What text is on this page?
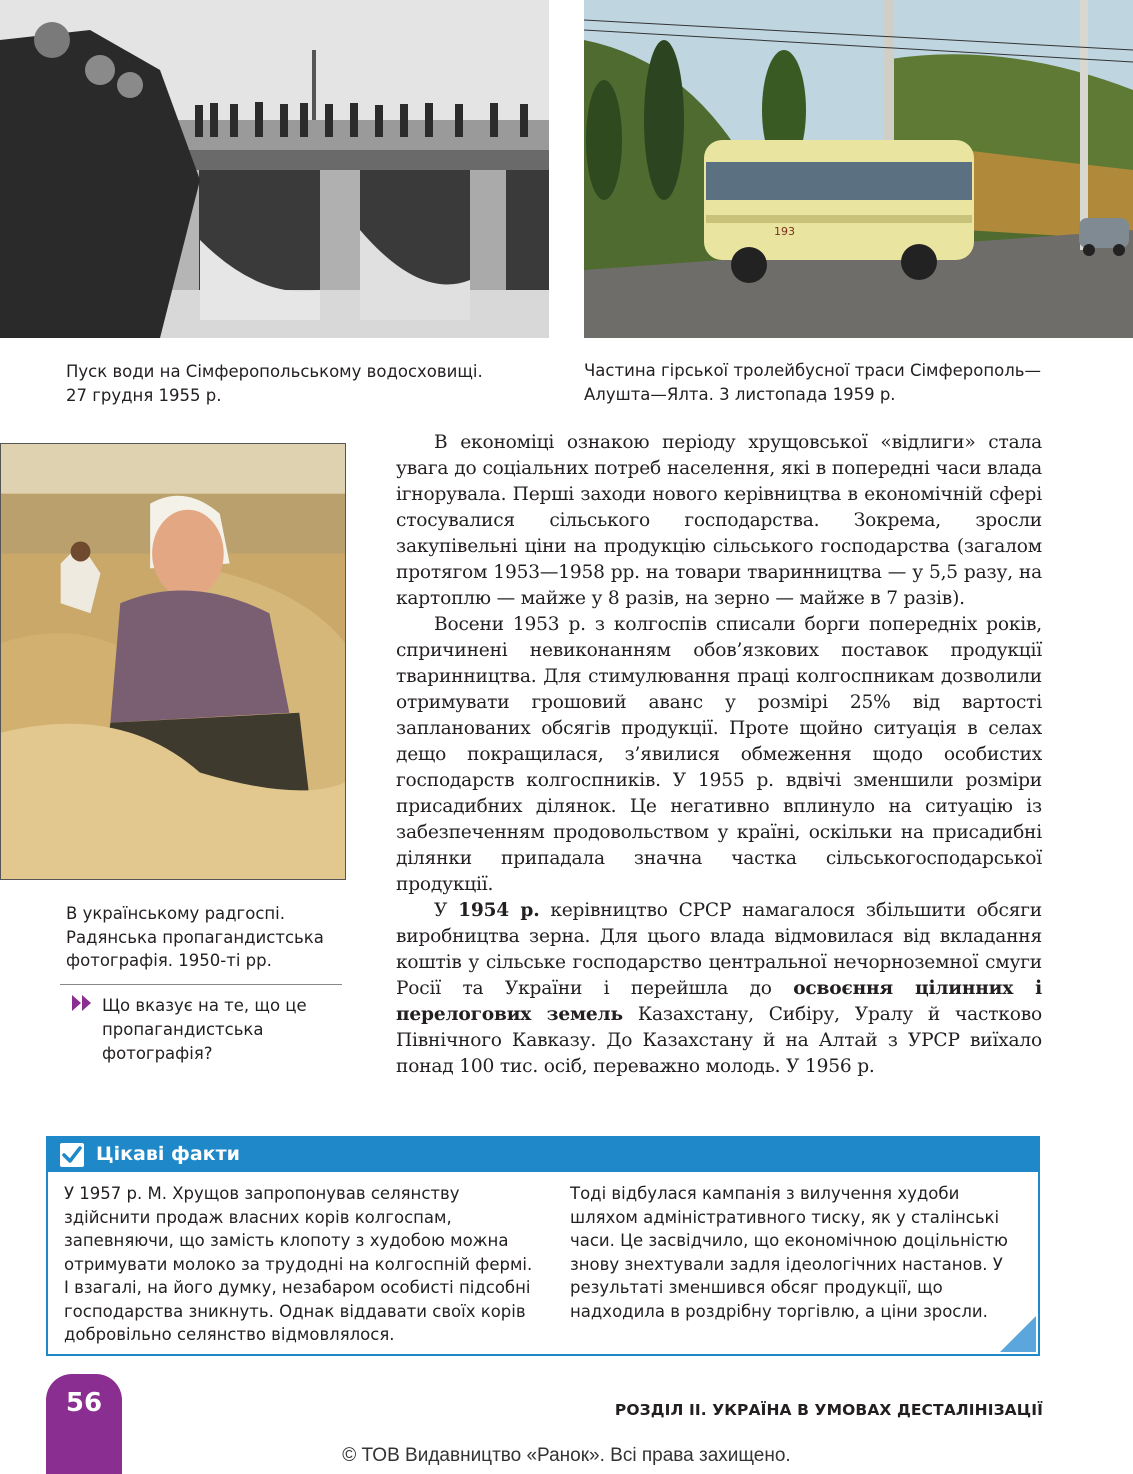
193
Пуск води на Сімферопольському водосховищі. 27 грудня 1955 р.
Частина гірської тролейбусної траси Сімферополь—Алушта—Ялта. 3 листопада 1959 р.
В українському радгоспі. Радянська пропагандистська фотографія. 1950-ті рр.
Що вказує на те, що це пропагандистська фотографія?

В економіці ознакою періоду хрущовської «відлиги» стала увага до соціальних потреб населення, які в попередні часи влада ігнорувала. Перші заходи нового керівництва в економічній сфері стосувалися сільського господарства. Зокрема, зросли закупівельні ціни на продукцію сільського господарства (загалом протягом 1953—1958 рр. на товари тваринництва — у 5,5 разу, на картоплю — майже у 8 разів, на зерно — майже в 7 разів).

Восени 1953 р. з колгоспів списали борги попередніх років, спричинені невиконанням обов’язкових поставок продукції тваринництва. Для стимулювання праці колгоспникам дозволили отримувати грошовий аванс у розмірі 25% від вартості запланованих обсягів продукції. Проте щойно ситуація в селах дещо покращилася, з’явилися обмеження щодо особистих господарств колгоспників. У 1955 р. вдвічі зменшили розміри присадибних ділянок. Це негативно вплинуло на ситуацію із забезпеченням продовольством у країні, оскільки на присадибні ділянки припадала значна частка сільськогосподарської продукції.

У 1954 р. керівництво СРСР намагалося збільшити обсяги виробництва зерна. Для цього влада відмовилася від вкладання коштів у сільське господарство центральної нечорноземної смуги Росії та України і перейшла до освоєння цілинних і перелогових земель Казахстану, Сибіру, Уралу й частково Північного Кавказу. До Казахстану й на Алтай з УРСР виїхало понад 100 тис. осіб, переважно молодь. У 1956 р.

Цікаві факти
У 1957 р. М. Хрущов запропонував селянству здійснити продаж власних корів колгоспам, запевняючи, що замість клопоту з худобою можна отримувати молоко за трудодні на колгоспній фермі. І взагалі, на його думку, незабаром особисті підсобні господарства зникнуть. Однак віддавати своїх корів добровільно селянство відмовлялося.
Тоді відбулася кампанія з вилучення худоби шляхом адміністративного тиску, як у сталінські часи. Це засвідчило, що економічною доцільністю знову знехтували задля ідеологічних настанов. У результаті зменшився обсяг продукції, що надходила в роздрібну торгівлю, а ціни зросли.
56	РОЗДІЛ ІІ. УКРАЇНА В УМОВАХ ДЕСТАЛІНІЗАЦІЇ
© ТОВ Видавництво «Ранок». Всі права захищено.
